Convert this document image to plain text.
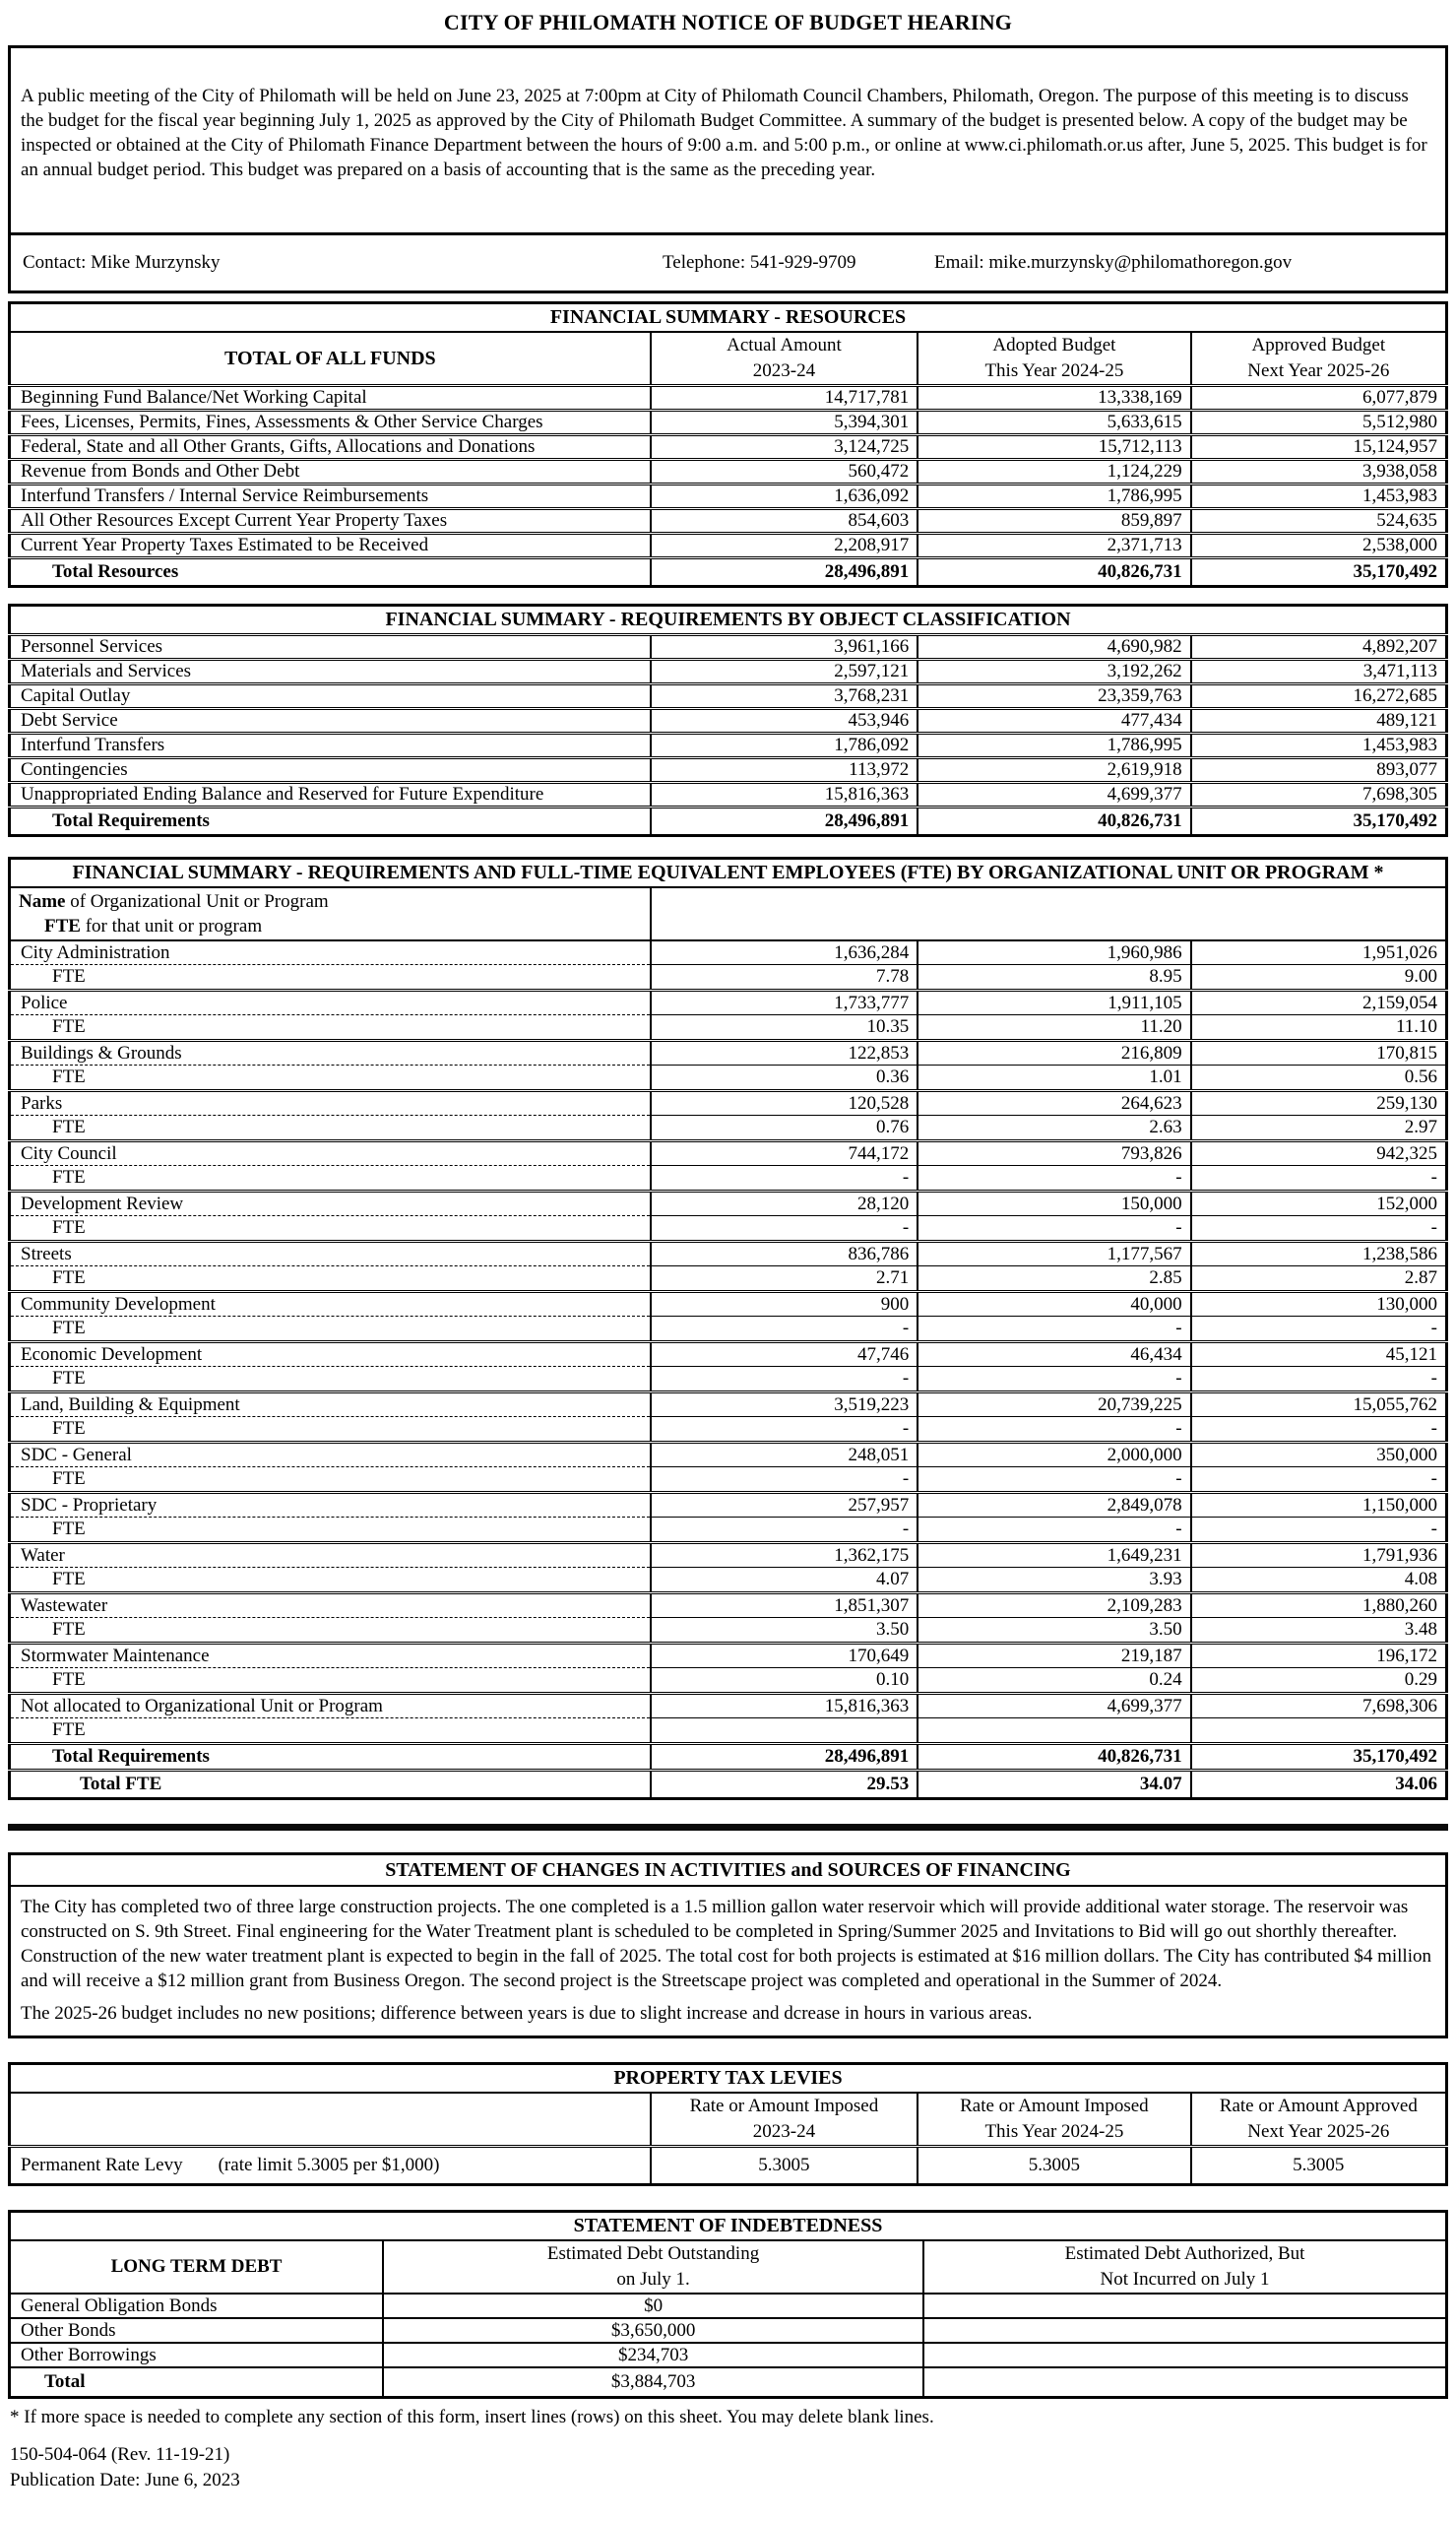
CITY OF PHILOMATH NOTICE OF BUDGET HEARING
A public meeting of the City of Philomath will be held on June 23, 2025 at 7:00pm at City of Philomath Council Chambers, Philomath, Oregon. The purpose of this meeting is to discuss the budget for the fiscal year beginning July 1, 2025 as approved by the City of Philomath Budget Committee. A summary of the budget is presented below. A copy of the budget may be inspected or obtained at the City of Philomath Finance Department between the hours of 9:00 a.m. and 5:00 p.m., or online at www.ci.philomath.or.us after, June 5, 2025. This budget is for an annual budget period. This budget was prepared on a basis of accounting that is the same as the preceding year.
Contact: Mike Murzynsky	Telephone: 541-929-9709	Email: mike.murzynsky@philomathoregon.gov
FINANCIAL SUMMARY - RESOURCES			
TOTAL OF ALL FUNDS	
Actual Amount
2023-24

Adopted Budget
This Year 2024-25

Approved Budget
Next Year 2025-26

Beginning Fund Balance/Net Working Capital	14,717,781	13,338,169	6,077,879
Fees, Licenses, Permits, Fines, Assessments & Other Service Charges	5,394,301	5,633,615	5,512,980
Federal, State and all Other Grants, Gifts, Allocations and Donations	3,124,725	15,712,113	15,124,957
Revenue from Bonds and Other Debt	560,472	1,124,229	3,938,058
Interfund Transfers / Internal Service Reimbursements	1,636,092	1,786,995	1,453,983
All Other Resources Except Current Year Property Taxes	854,603	859,897	524,635
Current Year Property Taxes Estimated to be Received	2,208,917	2,371,713	2,538,000
Total Resources	28,496,891	40,826,731	35,170,492
FINANCIAL SUMMARY - REQUIREMENTS BY OBJECT CLASSIFICATION			
Personnel Services	3,961,166	4,690,982	4,892,207
Materials and Services	2,597,121	3,192,262	3,471,113
Capital Outlay	3,768,231	23,359,763	16,272,685
Debt Service	453,946	477,434	489,121
Interfund Transfers	1,786,092	1,786,995	1,453,983
Contingencies	113,972	2,619,918	893,077
Unappropriated Ending Balance and Reserved for Future Expenditure	15,816,363	4,699,377	7,698,305
Total Requirements	28,496,891	40,826,731	35,170,492
FINANCIAL SUMMARY - REQUIREMENTS AND FULL-TIME EQUIVALENT EMPLOYEES (FTE) BY ORGANIZATIONAL UNIT OR PROGRAM *			

Name of Organizational Unit or Program
FTE for that unit or program			

City Administration	1,636,284	1,960,986	1,951,026
FTE	7.78	8.95	9.00
Police	1,733,777	1,911,105	2,159,054
FTE	10.35	11.20	11.10
Buildings & Grounds	122,853	216,809	170,815
FTE	0.36	1.01	0.56
Parks	120,528	264,623	259,130
FTE	0.76	2.63	2.97
City Council	744,172	793,826	942,325
FTE	-	-	-
Development Review	28,120	150,000	152,000
FTE	-	-	-
Streets	836,786	1,177,567	1,238,586
FTE	2.71	2.85	2.87
Community Development	900	40,000	130,000
FTE	-	-	-
Economic Development	47,746	46,434	45,121
FTE	-	-	-
Land, Building & Equipment	3,519,223	20,739,225	15,055,762
FTE	-	-	-
SDC - General	248,051	2,000,000	350,000
FTE	-	-	-
SDC - Proprietary	257,957	2,849,078	1,150,000
FTE	-	-	-
Water	1,362,175	1,649,231	1,791,936
FTE	4.07	3.93	4.08
Wastewater	1,851,307	2,109,283	1,880,260
FTE	3.50	3.50	3.48
Stormwater Maintenance	170,649	219,187	196,172
FTE	0.10	0.24	0.29
Not allocated to Organizational Unit or Program	15,816,363	4,699,377	7,698,306
FTE			
Total Requirements	28,496,891	40,826,731	35,170,492
Total FTE	29.53	34.07	34.06
STATEMENT OF CHANGES IN ACTIVITIES and SOURCES OF FINANCING

The City has completed two of three large construction projects. The one completed is a 1.5 million gallon water reservoir which will provide additional water storage. The reservoir was constructed on S. 9th Street. Final engineering for the Water Treatment plant is scheduled to be completed in Spring/Summer 2025 and Invitations to Bid will go out shorthly thereafter. Construction of the new water treatment plant is expected to begin in the fall of 2025. The total cost for both projects is estimated at $16 million dollars. The City has contributed $4 million and will receive a $12 million grant from Business Oregon. The second project is the Streetscape project was completed and operational in the Summer of 2024.

The 2025-26 budget includes no new positions; difference between years is due to slight increase and dcrease in hours in various areas.

PROPERTY TAX LEVIES			

Rate or Amount Imposed
2023-24

Rate or Amount Imposed
This Year 2024-25

Rate or Amount Approved
Next Year 2025-26

Permanent Rate Levy (rate limit 5.3005 per $1,000)	5.3005	5.3005	5.3005
STATEMENT OF INDEBTEDNESS		
LONG TERM DEBT	
Estimated Debt Outstanding
on July 1.

Estimated Debt Authorized, But
Not Incurred on July 1

General Obligation Bonds	$0	
Other Bonds	$3,650,000	
Other Borrowings	$234,703	
Total	$3,884,703	
* If more space is needed to complete any section of this form, insert lines (rows) on this sheet. You may delete blank lines.
150-504-064 (Rev. 11-19-21)
Publication Date: June 6, 2023
